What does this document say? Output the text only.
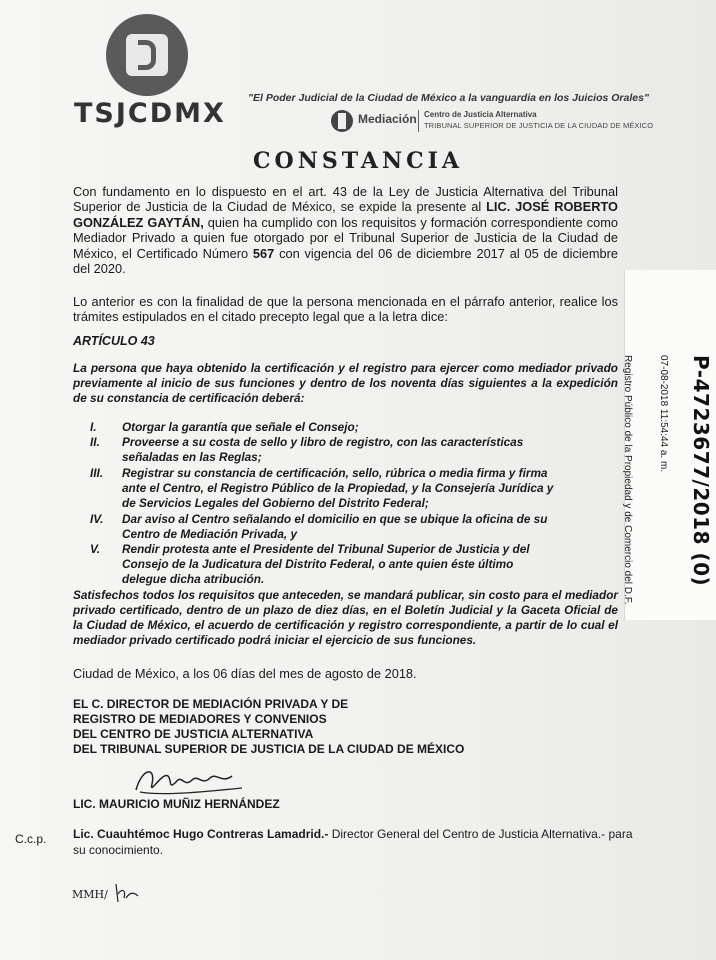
TSJCDMX "El Poder Judicial de la Ciudad de México a la vanguardia en los Juicios Orales"
Mediación Centro de Justicia Alternativa
TRIBUNAL SUPERIOR DE JUSTICIA DE LA CIUDAD DE MÉXICO
CONSTANCIA
Con fundamento en lo dispuesto en el art. 43 de la Ley de Justicia Alternativa del Tribunal Superior de Justicia de la Ciudad de México, se expide la presente al LIC. JOSÉ ROBERTO GONZÁLEZ GAYTÁN, quien ha cumplido con los requisitos y formación correspondiente como Mediador Privado a quien fue otorgado por el Tribunal Superior de Justicia de la Ciudad de México, el Certificado Número 567 con vigencia del 06 de diciembre 2017 al 05 de diciembre del 2020.
Lo anterior es con la finalidad de que la persona mencionada en el párrafo anterior, realice los trámites estipulados en el citado precepto legal que a la letra dice:
ARTÍCULO 43
La persona que haya obtenido la certificación y el registro para ejercer como mediador privado previamente al inicio de sus funciones y dentro de los noventa días siguientes a la expedición de su constancia de certificación deberá:
I.	Otorgar la garantía que señale el Consejo;
II.	Proveerse a su costa de sello y libro de registro, con las características señaladas en las Reglas;
III.	Registrar su constancia de certificación, sello, rúbrica o media firma y firma ante el Centro, el Registro Público de la Propiedad, y la Consejería Jurídica y de Servicios Legales del Gobierno del Distrito Federal;
IV.	Dar aviso al Centro señalando el domicilio en que se ubique la oficina de su Centro de Mediación Privada, y
V.	Rendir protesta ante el Presidente del Tribunal Superior de Justicia y del Consejo de la Judicatura del Distrito Federal, o ante quien éste último delegue dicha atribución.
Satisfechos todos los requisitos que anteceden, se mandará publicar, sin costo para el mediador privado certificado, dentro de un plazo de diez días, en el Boletín Judicial y la Gaceta Oficial de la Ciudad de México, el acuerdo de certificación y registro correspondiente, a partir de lo cual el mediador privado certificado podrá iniciar el ejercicio de sus funciones.
Ciudad de México, a los 06 días del mes de agosto de 2018.
EL C. DIRECTOR DE MEDIACIÓN PRIVADA Y DE
REGISTRO DE MEDIADORES Y CONVENIOS
DEL CENTRO DE JUSTICIA ALTERNATIVA
DEL TRIBUNAL SUPERIOR DE JUSTICIA DE LA CIUDAD DE MÉXICO
LIC. MAURICIO MUÑIZ HERNÁNDEZ
C.c.p. Lic. Cuauhtémoc Hugo Contreras Lamadrid.- Director General del Centro de Justicia Alternativa.- para su conocimiento.
MMH/
P-4723677/2018 (0)
07-08-2018 11:54:44 a. m.
Registro Público de la Propiedad y de Comercio del D.F.
